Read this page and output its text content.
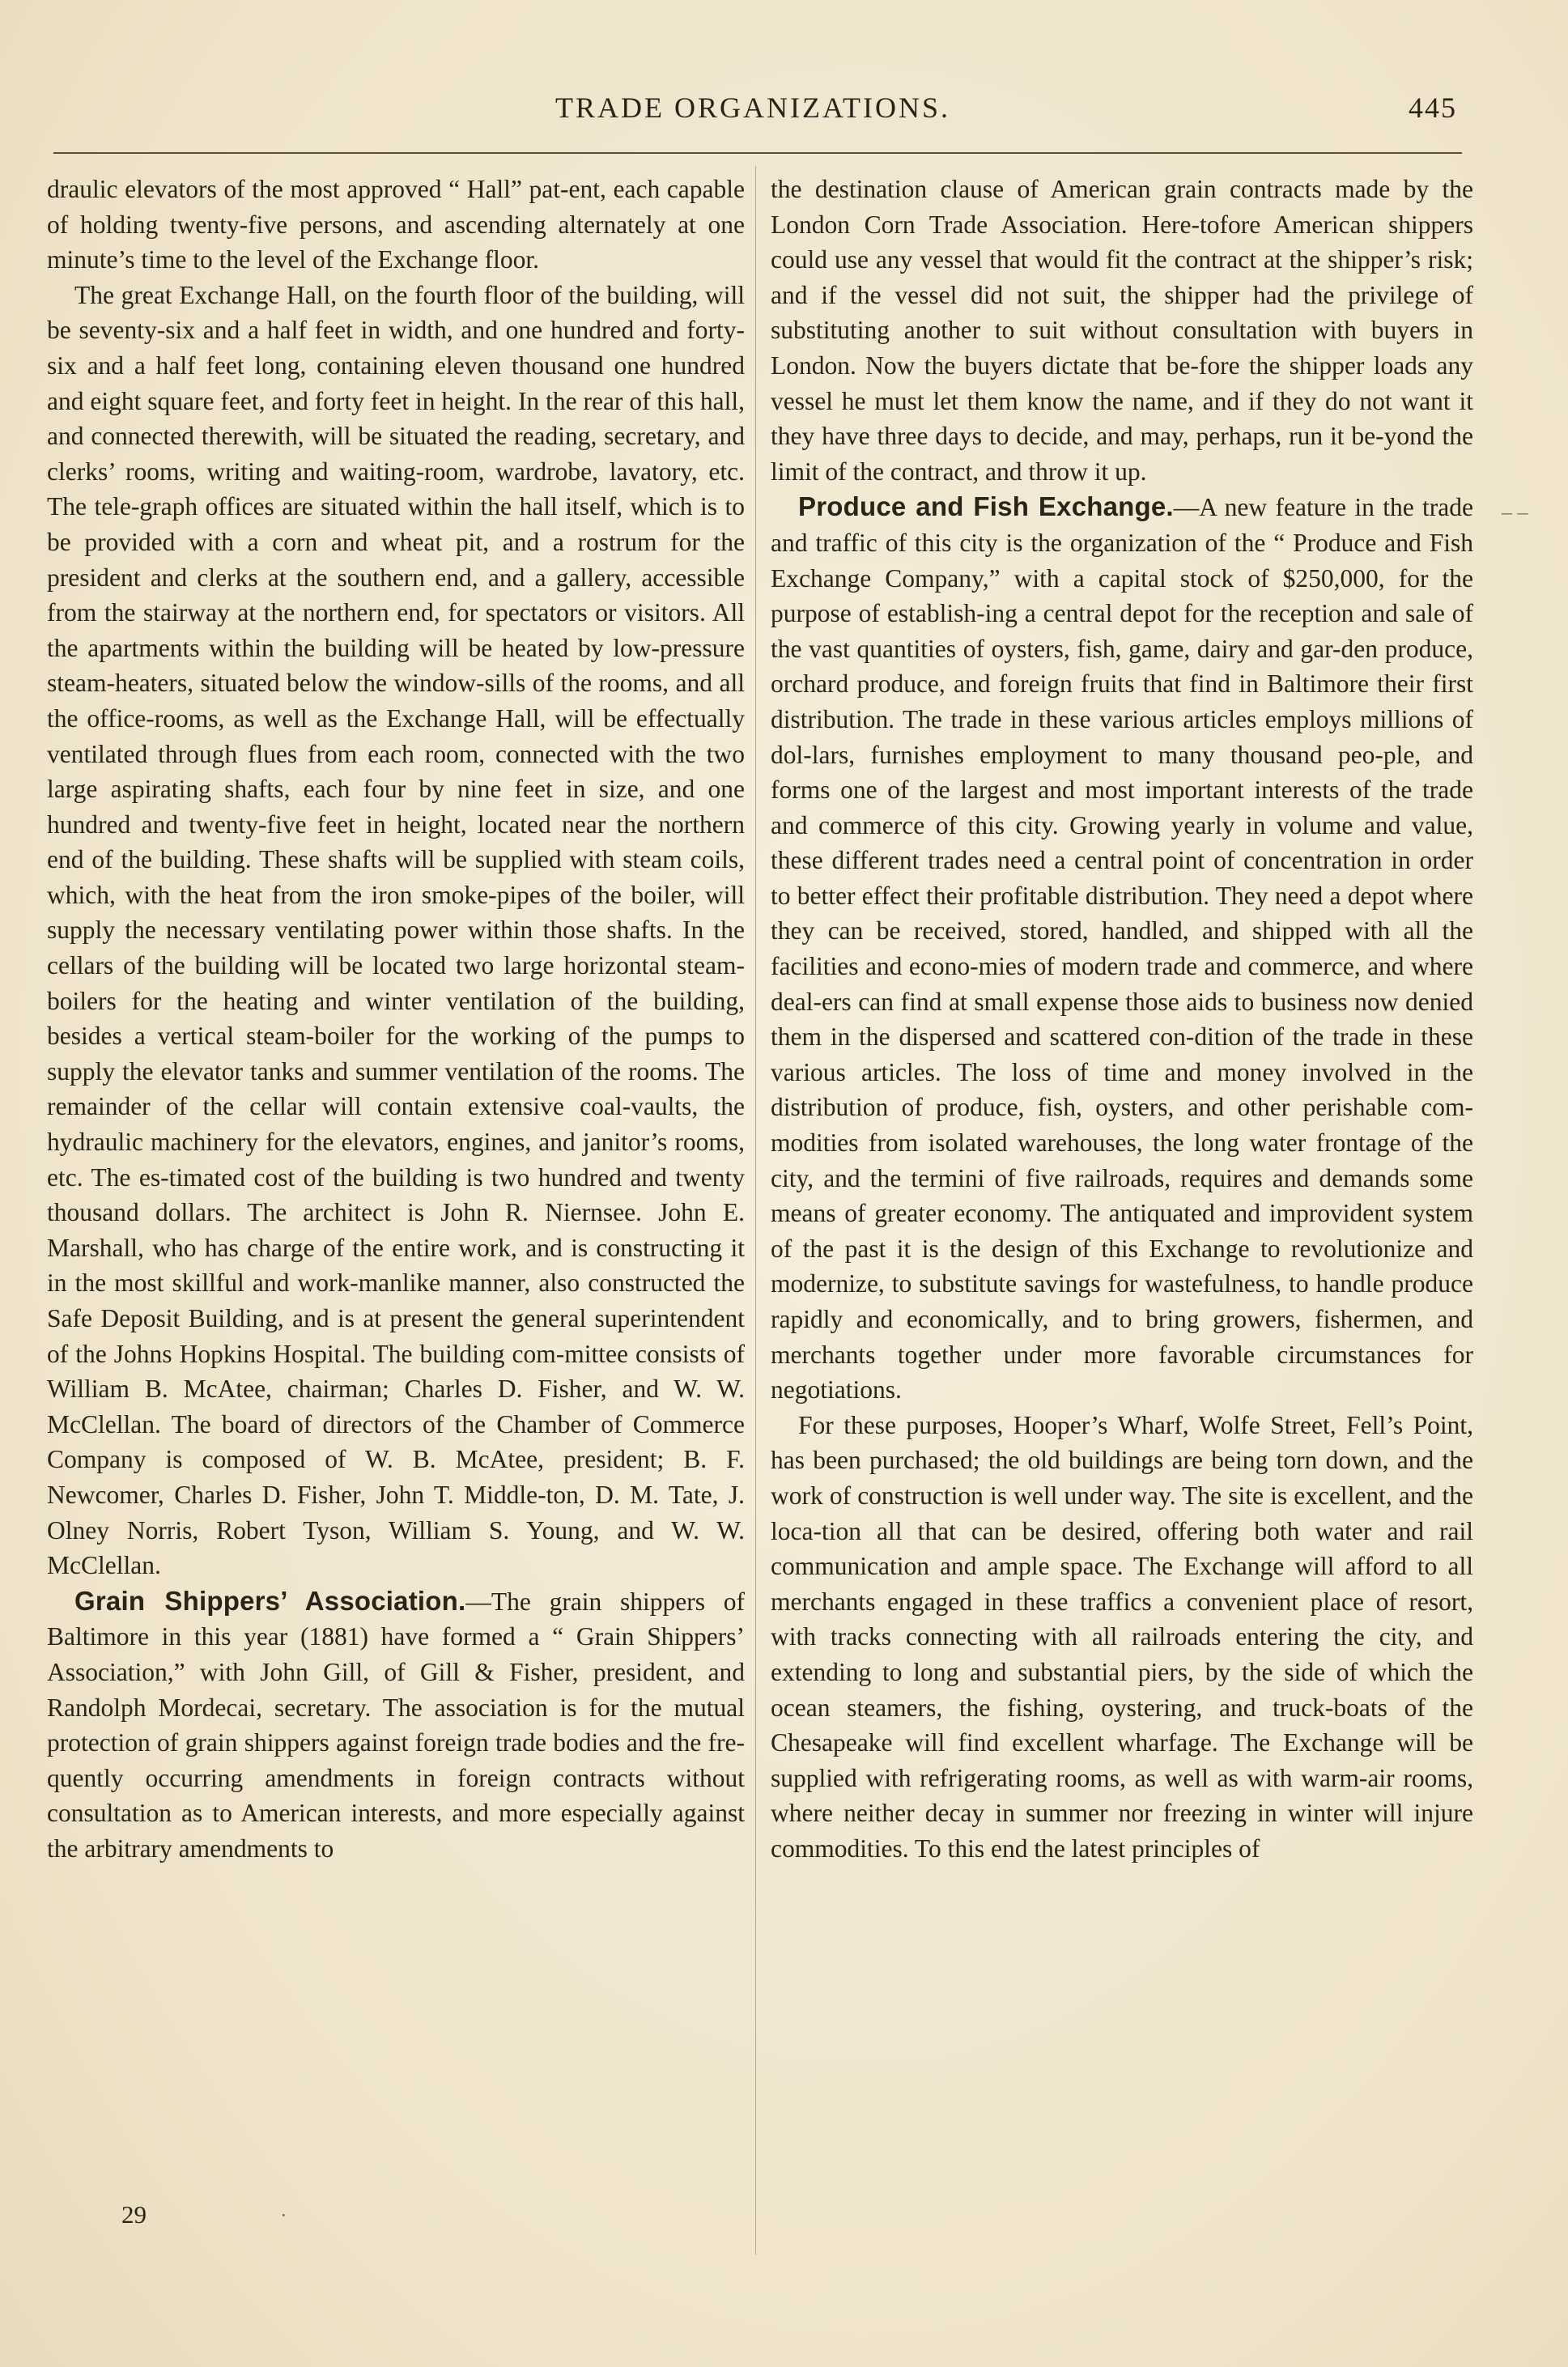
TRADE ORGANIZATIONS.	445

draulic elevators of the most approved “ Hall” pat-ent, each capable of holding twenty-five persons, and ascending alternately at one minute’s time to the level of the Exchange floor.

The great Exchange Hall, on the fourth floor of the building, will be seventy-six and a half feet in width, and one hundred and forty-six and a half feet long, containing eleven thousand one hundred and eight square feet, and forty feet in height. In the rear of this hall, and connected therewith, will be situated the reading, secretary, and clerks’ rooms, writing and waiting-room, wardrobe, lavatory, etc. The tele-graph offices are situated within the hall itself, which is to be provided with a corn and wheat pit, and a rostrum for the president and clerks at the southern end, and a gallery, accessible from the stairway at the northern end, for spectators or visitors. All the apartments within the building will be heated by low-pressure steam-heaters, situated below the window-sills of the rooms, and all the office-rooms, as well as the Exchange Hall, will be effectually ventilated through flues from each room, connected with the two large aspirating shafts, each four by nine feet in size, and one hundred and twenty-five feet in height, located near the northern end of the building. These shafts will be supplied with steam coils, which, with the heat from the iron smoke-pipes of the boiler, will supply the necessary ventilating power within those shafts. In the cellars of the building will be located two large horizontal steam-boilers for the heating and winter ventilation of the building, besides a vertical steam-boiler for the working of the pumps to supply the elevator tanks and summer ventilation of the rooms. The remainder of the cellar will contain extensive coal-vaults, the hydraulic machinery for the elevators, engines, and janitor’s rooms, etc. The es-timated cost of the building is two hundred and twenty thousand dollars. The architect is John R. Niernsee. John E. Marshall, who has charge of the entire work, and is constructing it in the most skillful and work-manlike manner, also constructed the Safe Deposit Building, and is at present the general superintendent of the Johns Hopkins Hospital. The building com-mittee consists of William B. McAtee, chairman; Charles D. Fisher, and W. W. McClellan. The board of directors of the Chamber of Commerce Company is composed of W. B. McAtee, president; B. F. Newcomer, Charles D. Fisher, John T. Middle-ton, D. M. Tate, J. Olney Norris, Robert Tyson, William S. Young, and W. W. McClellan.

Grain Shippers’ Association.—The grain shippers of Baltimore in this year (1881) have formed a “ Grain Shippers’ Association,” with John Gill, of Gill & Fisher, president, and Randolph Mordecai, secretary. The association is for the mutual protection of grain shippers against foreign trade bodies and the fre-quently occurring amendments in foreign contracts without consultation as to American interests, and more especially against the arbitrary amendments to

the destination clause of American grain contracts made by the London Corn Trade Association. Here-tofore American shippers could use any vessel that would fit the contract at the shipper’s risk; and if the vessel did not suit, the shipper had the privilege of substituting another to suit without consultation with buyers in London. Now the buyers dictate that be-fore the shipper loads any vessel he must let them know the name, and if they do not want it they have three days to decide, and may, perhaps, run it be-yond the limit of the contract, and throw it up.

Produce and Fish Exchange.—A new feature in the trade and traffic of this city is the organization of the “ Produce and Fish Exchange Company,” with a capital stock of $250,000, for the purpose of establish-ing a central depot for the reception and sale of the vast quantities of oysters, fish, game, dairy and gar-den produce, orchard produce, and foreign fruits that find in Baltimore their first distribution. The trade in these various articles employs millions of dol-lars, furnishes employment to many thousand peo-ple, and forms one of the largest and most important interests of the trade and commerce of this city. Growing yearly in volume and value, these different trades need a central point of concentration in order to better effect their profitable distribution. They need a depot where they can be received, stored, handled, and shipped with all the facilities and econo-mies of modern trade and commerce, and where deal-ers can find at small expense those aids to business now denied them in the dispersed and scattered con-dition of the trade in these various articles. The loss of time and money involved in the distribution of produce, fish, oysters, and other perishable com-modities from isolated warehouses, the long water frontage of the city, and the termini of five railroads, requires and demands some means of greater economy. The antiquated and improvident system of the past it is the design of this Exchange to revolutionize and modernize, to substitute savings for wastefulness, to handle produce rapidly and economically, and to bring growers, fishermen, and merchants together under more favorable circumstances for negotiations.

For these purposes, Hooper’s Wharf, Wolfe Street, Fell’s Point, has been purchased; the old buildings are being torn down, and the work of construction is well under way. The site is excellent, and the loca-tion all that can be desired, offering both water and rail communication and ample space. The Exchange will afford to all merchants engaged in these traffics a convenient place of resort, with tracks connecting with all railroads entering the city, and extending to long and substantial piers, by the side of which the ocean steamers, the fishing, oystering, and truck-boats of the Chesapeake will find excellent wharfage. The Exchange will be supplied with refrigerating rooms, as well as with warm-air rooms, where neither decay in summer nor freezing in winter will injure commodities. To this end the latest principles of

29
– –
·
